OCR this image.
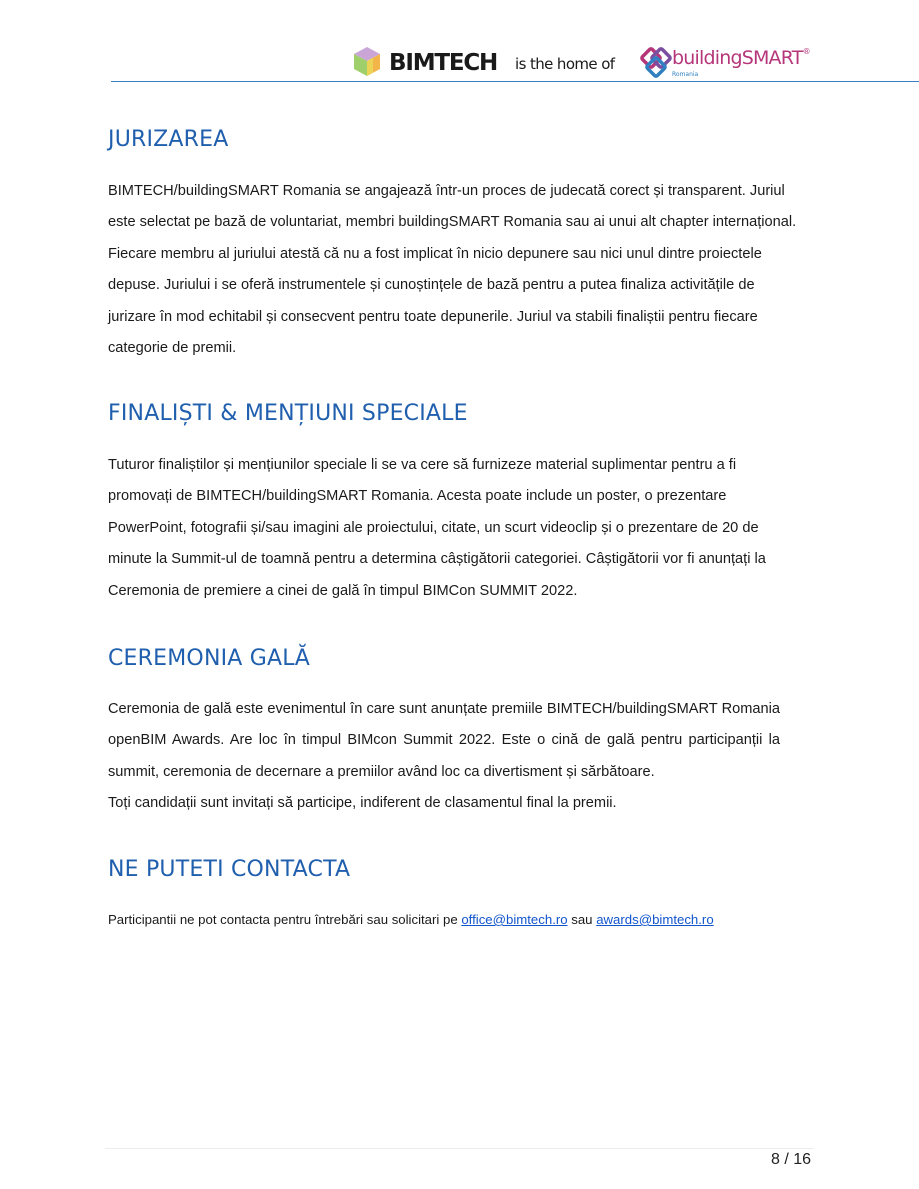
BIMTECH is the home of	buildingSMART®
Romania
JURIZAREA

BIMTECH/buildingSMART Romania se angajează într-un proces de judecată corect și transparent. Juriul este selectat pe bază de voluntariat, membri buildingSMART Romania sau ai unui alt chapter internațional. Fiecare membru al juriului atestă că nu a fost implicat în nicio depunere sau nici unul dintre proiectele depuse. Juriului i se oferă instrumentele și cunoștințele de bază pentru a putea finaliza activitățile de jurizare în mod echitabil și consecvent pentru toate depunerile. Juriul va stabili finaliștii pentru fiecare categorie de premii.

FINALIȘTI & MENȚIUNI SPECIALE

Tuturor finaliștilor și mențiunilor speciale li se va cere să furnizeze material suplimentar pentru a fi promovați de BIMTECH/buildingSMART Romania. Acesta poate include un poster, o prezentare PowerPoint, fotografii și/sau imagini ale proiectului, citate, un scurt videoclip și o prezentare de 20 de minute la Summit-ul de toamnă pentru a determina câștigătorii categoriei. Câștigătorii vor fi anunțați la Ceremonia de premiere a cinei de gală în timpul BIMCon SUMMIT 2022.

CEREMONIA GALĂ

Ceremonia de gală este evenimentul în care sunt anunțate premiile BIMTECH/buildingSMART Romania openBIM Awards. Are loc în timpul BIMcon Summit 2022. Este o cină de gală pentru participanții la summit, ceremonia de decernare a premiilor având loc ca divertisment și sărbătoare.

Toți candidații sunt invitați să participe, indiferent de clasamentul final la premii.

NE PUTETI CONTACTA

Participantii ne pot contacta pentru întrebări sau solicitari pe office@bimtech.ro sau awards@bimtech.ro

8 / 16
